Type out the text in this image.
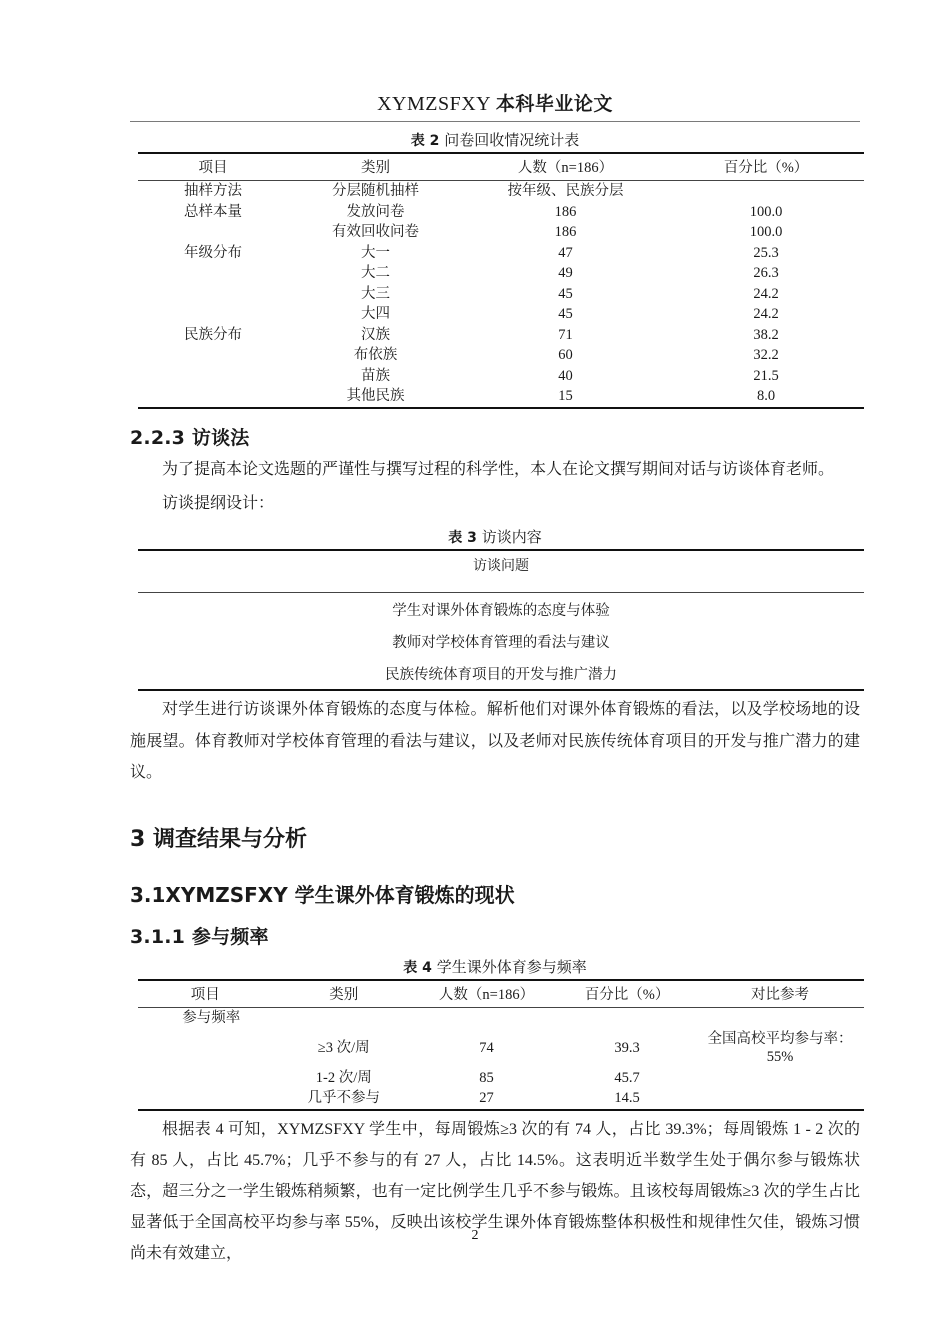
XYMZSFXY 本科毕业论文
表 2 问卷回收情况统计表
项目	类别	人数（n=186）	百分比（%）
抽样方法	分层随机抽样	按年级、民族分层	
总样本量	发放问卷	186	100.0
	有效回收问卷	186	100.0
年级分布	大一	47	25.3
	大二	49	26.3
	大三	45	24.2
	大四	45	24.2
民族分布	汉族	71	38.2
	布依族	60	32.2
	苗族	40	21.5
	其他民族	15	8.0
2.2.3 访谈法

为了提高本论文选题的严谨性与撰写过程的科学性，本人在论文撰写期间对话与访谈体育老师。

访谈提纲设计：

表 3 访谈内容
访谈问题
学生对课外体育锻炼的态度与体验
教师对学校体育管理的看法与建议
民族传统体育项目的开发与推广潜力

对学生进行访谈课外体育锻炼的态度与体检。解析他们对课外体育锻炼的看法，以及学校场地的设施展望。体育教师对学校体育管理的看法与建议，以及老师对民族传统体育项目的开发与推广潜力的建议。

3 调查结果与分析
3.1XYMZSFXY 学生课外体育锻炼的现状
3.1.1 参与频率
表 4 学生课外体育参与频率
项目	类别	人数（n=186）	百分比（%）	对比参考
参与频率				
	≥3 次/周	74	39.3	全国高校平均参与率：55%
	1-2 次/周	85	45.7	
	几乎不参与	27	14.5	

根据表 4 可知，XYMZSFXY 学生中，每周锻炼≥3 次的有 74 人，占比 39.3%；每周锻炼 1 - 2 次的有 85 人，占比 45.7%；几乎不参与的有 27 人，占比 14.5%。这表明近半数学生处于偶尔参与锻炼状态，超三分之一学生锻炼稍频繁，也有一定比例学生几乎不参与锻炼。且该校每周锻炼≥3 次的学生占比显著低于全国高校平均参与率 55%，反映出该校学生课外体育锻炼整体积极性和规律性欠佳，锻炼习惯尚未有效建立，

2
